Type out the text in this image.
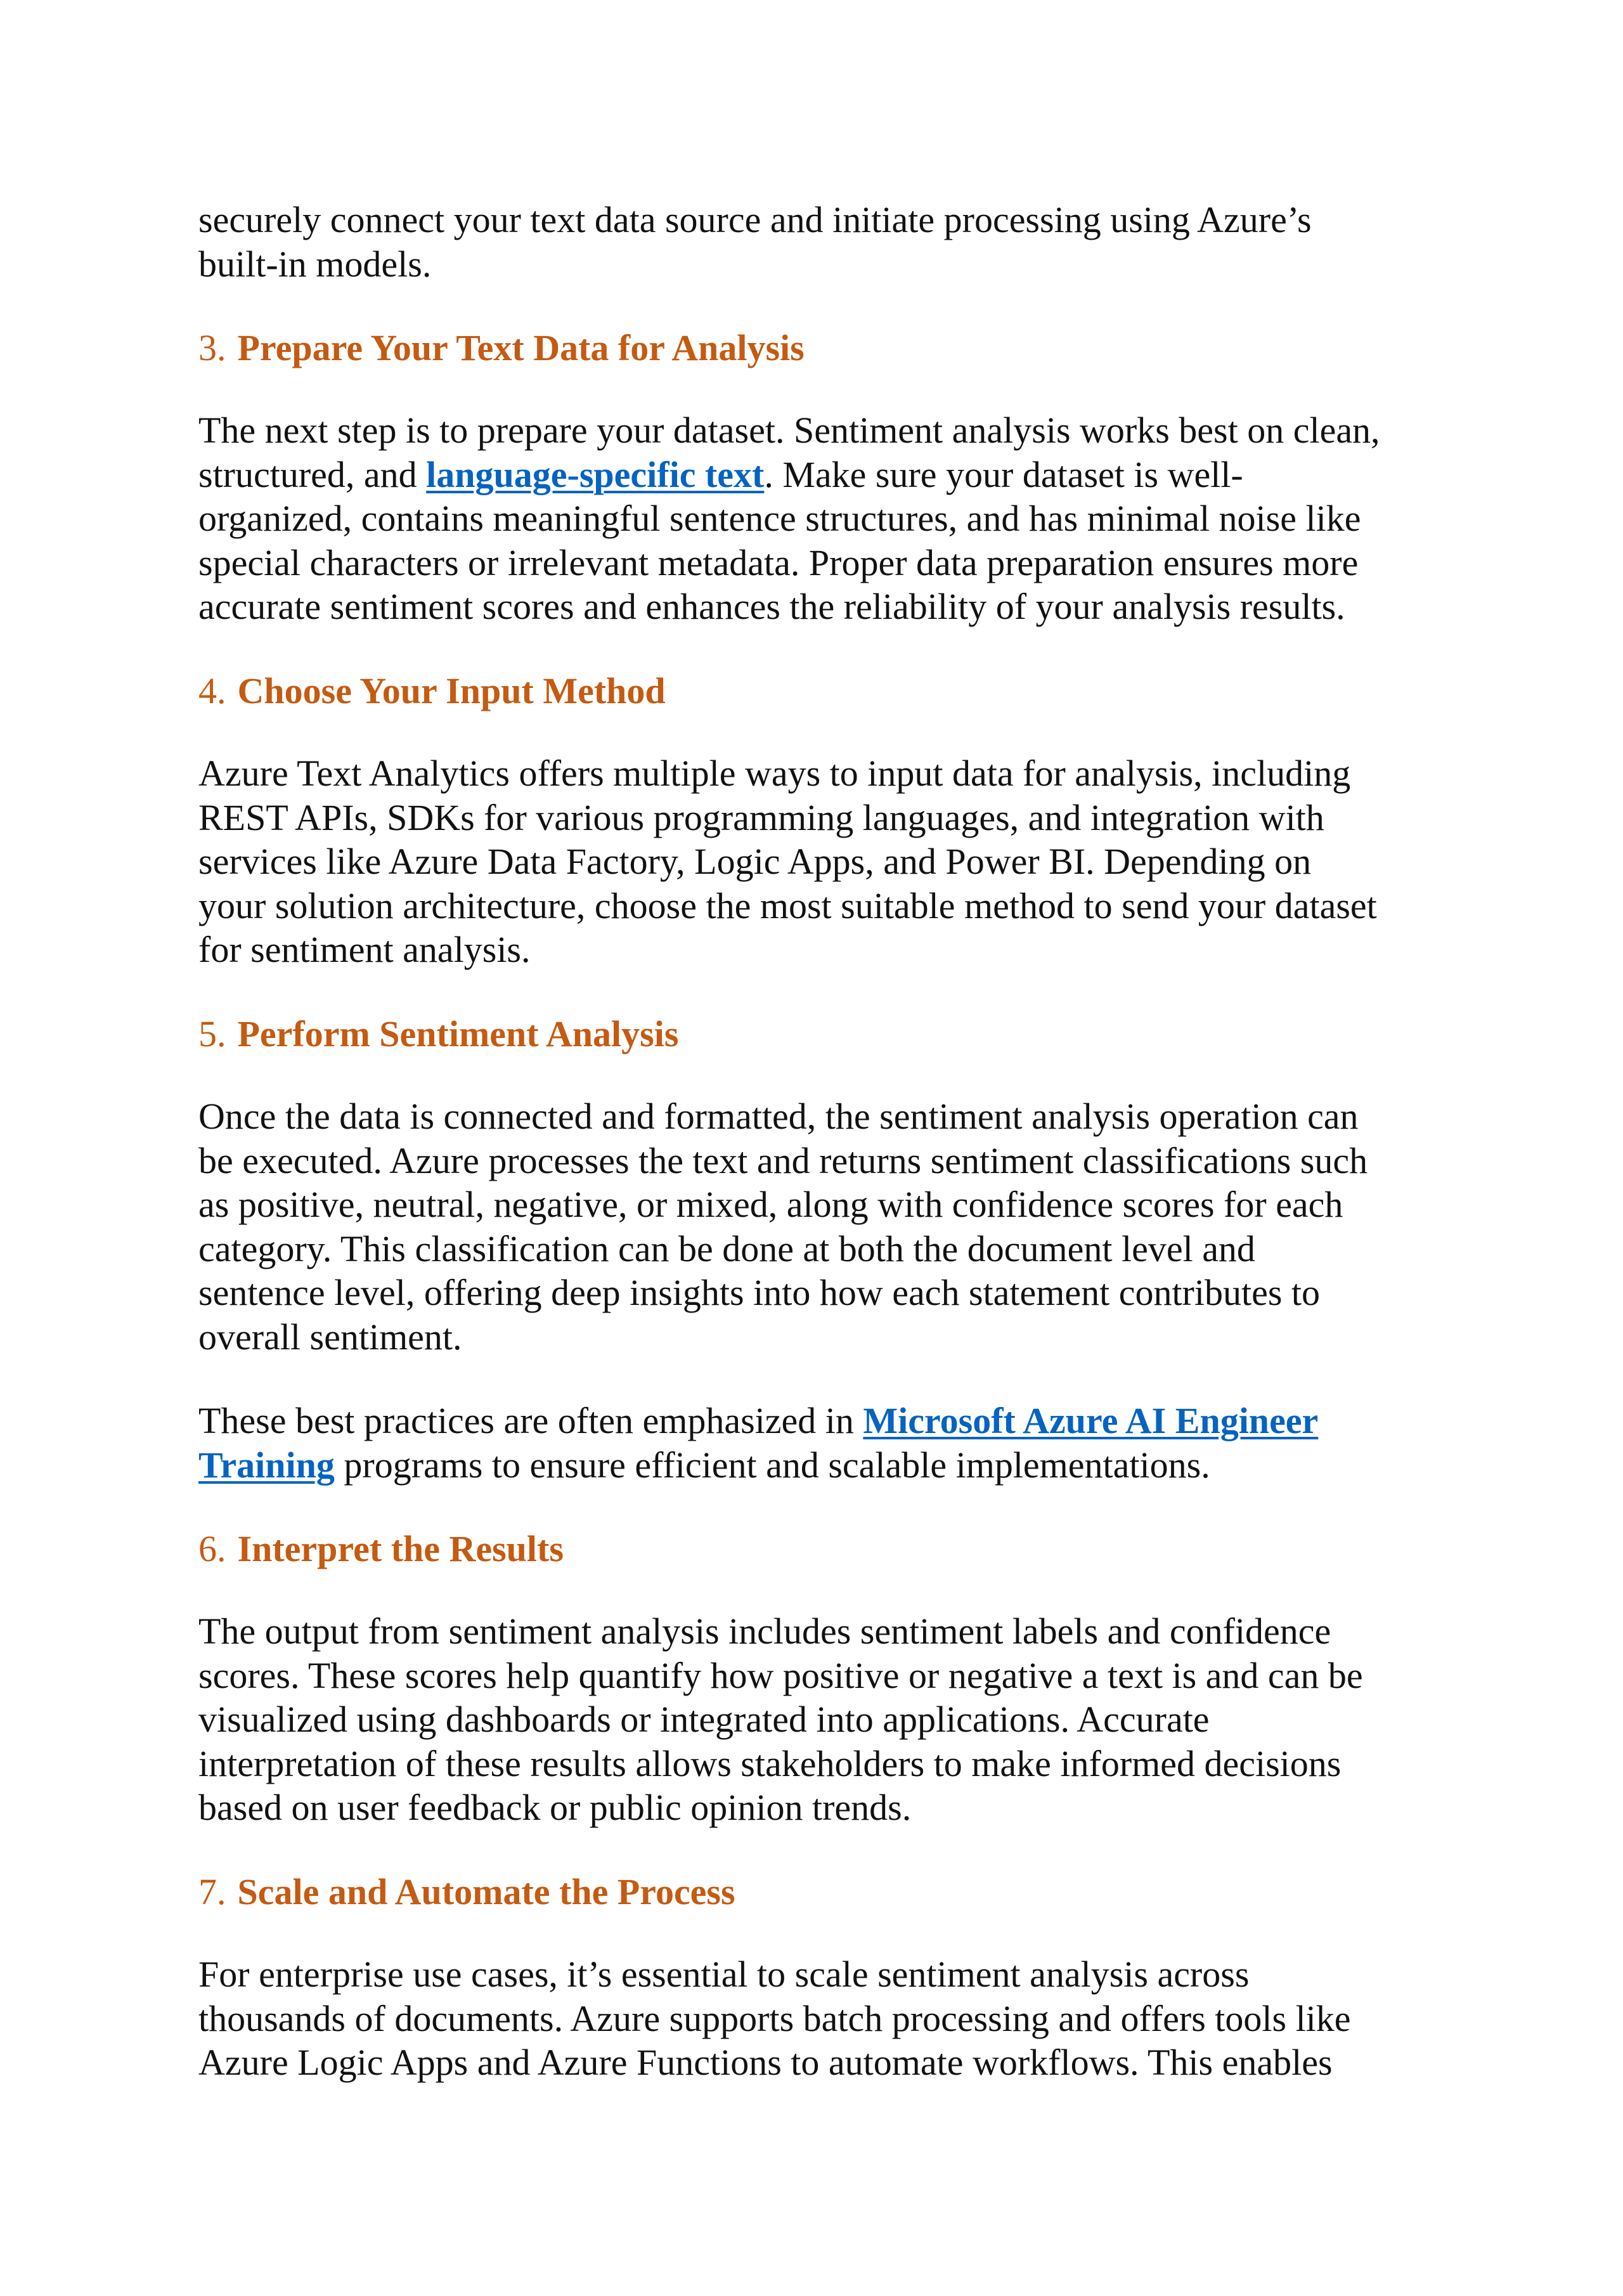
securely connect your text data source and initiate processing using Azure’s
built-in models.

3. Prepare Your Text Data for Analysis

The next step is to prepare your dataset. Sentiment analysis works best on clean,
structured, and language-specific text. Make sure your dataset is well-
organized, contains meaningful sentence structures, and has minimal noise like
special characters or irrelevant metadata. Proper data preparation ensures more
accurate sentiment scores and enhances the reliability of your analysis results.

4. Choose Your Input Method

Azure Text Analytics offers multiple ways to input data for analysis, including
REST APIs, SDKs for various programming languages, and integration with
services like Azure Data Factory, Logic Apps, and Power BI. Depending on
your solution architecture, choose the most suitable method to send your dataset
for sentiment analysis.

5. Perform Sentiment Analysis

Once the data is connected and formatted, the sentiment analysis operation can
be executed. Azure processes the text and returns sentiment classifications such
as positive, neutral, negative, or mixed, along with confidence scores for each
category. This classification can be done at both the document level and
sentence level, offering deep insights into how each statement contributes to
overall sentiment.

These best practices are often emphasized in Microsoft Azure AI Engineer
Training programs to ensure efficient and scalable implementations.

6. Interpret the Results

The output from sentiment analysis includes sentiment labels and confidence
scores. These scores help quantify how positive or negative a text is and can be
visualized using dashboards or integrated into applications. Accurate
interpretation of these results allows stakeholders to make informed decisions
based on user feedback or public opinion trends.

7. Scale and Automate the Process

For enterprise use cases, it’s essential to scale sentiment analysis across
thousands of documents. Azure supports batch processing and offers tools like
Azure Logic Apps and Azure Functions to automate workflows. This enables
